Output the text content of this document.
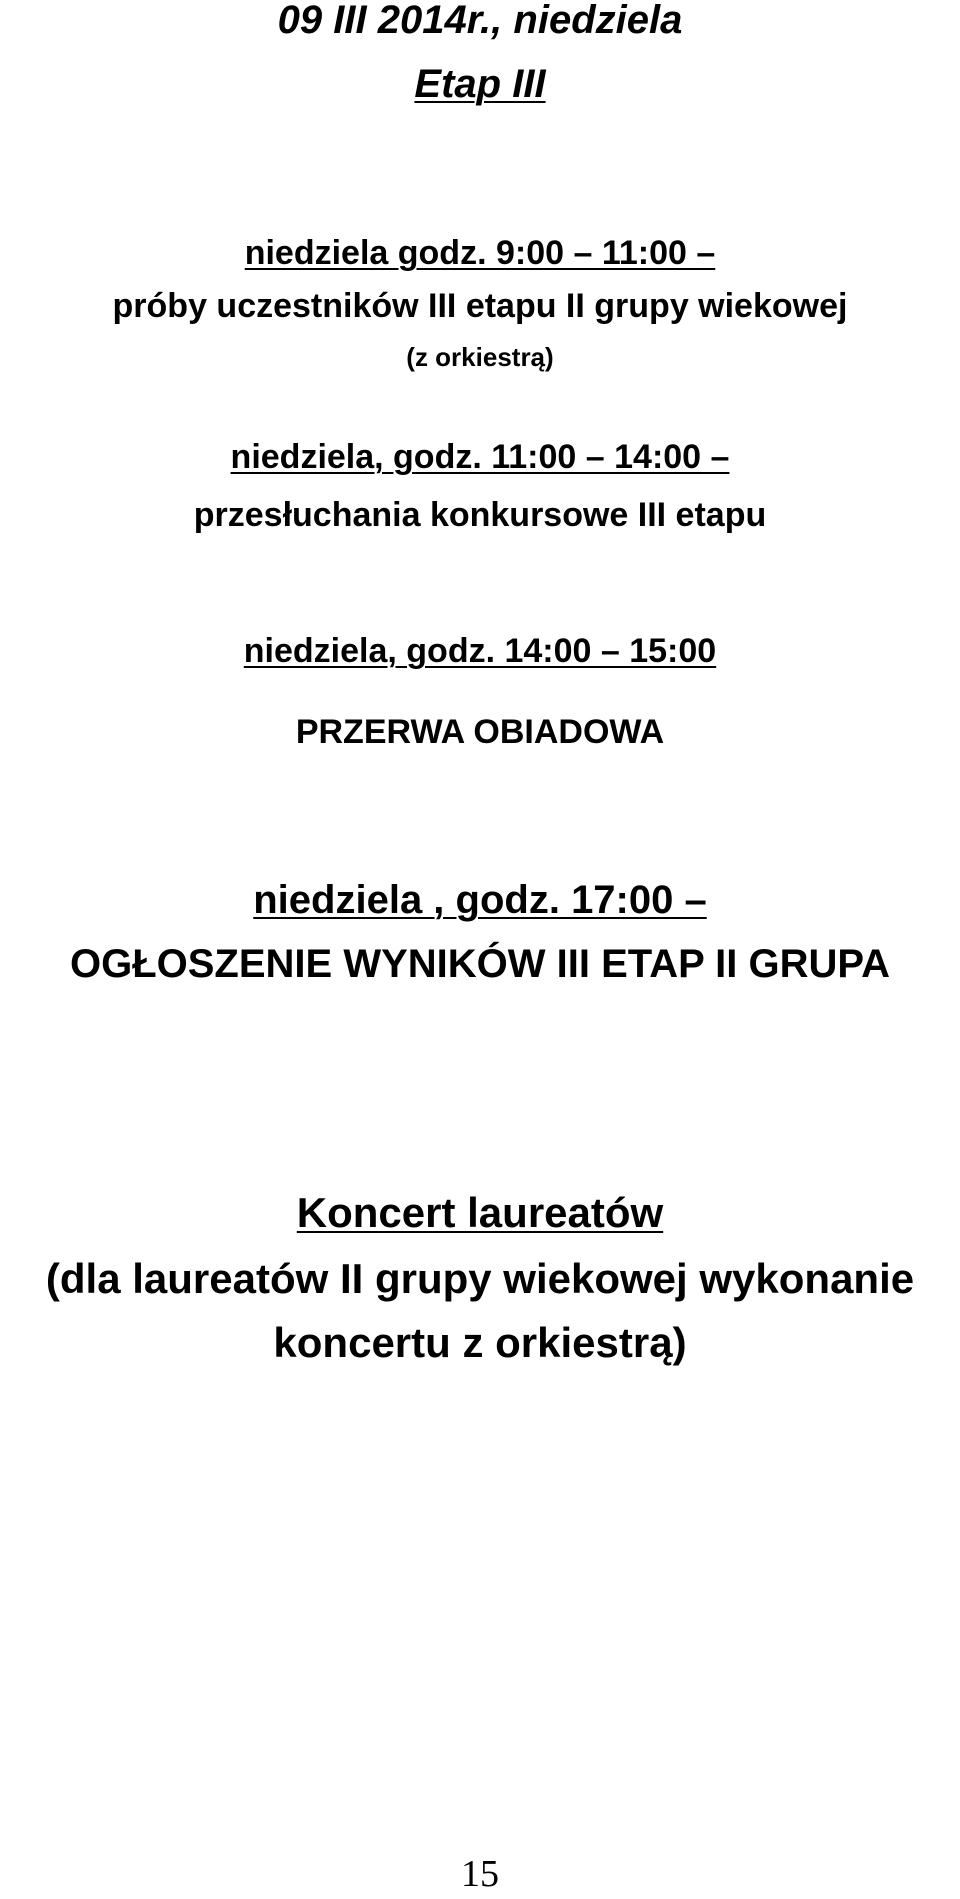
09 III 2014r., niedziela
Etap III
niedziela godz. 9:00 – 11:00 –
próby uczestników III etapu II grupy wiekowej
(z orkiestrą)
niedziela, godz. 11:00 – 14:00 –
przesłuchania konkursowe III etapu
niedziela, godz. 14:00 – 15:00
PRZERWA OBIADOWA
niedziela , godz. 17:00 –
OGŁOSZENIE WYNIKÓW III ETAP II GRUPA
Koncert laureatów
(dla laureatów II grupy wiekowej wykonanie
koncertu z orkiestrą)
15
